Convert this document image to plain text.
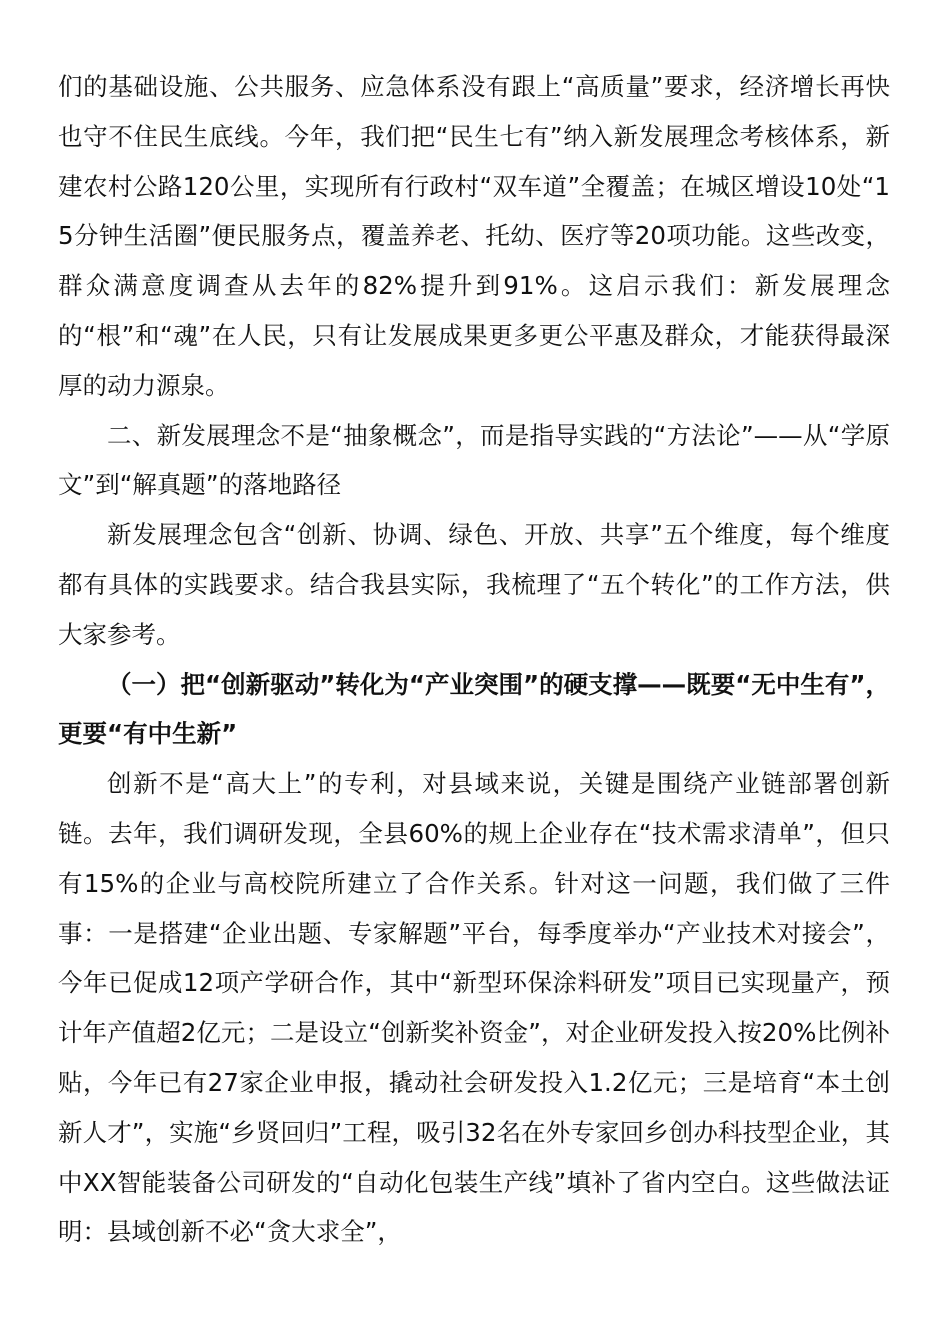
们的基础设施、公共服务、应急体系没有跟上“高质量”要求，经济增长再快也守不住民生底线。今年，我们把“民生七有”纳入新发展理念考核体系，新建农村公路120公里，实现所有行政村“双车道”全覆盖；在城区增设10处“15分钟生活圈”便民服务点，覆盖养老、托幼、医疗等20项功能。这些改变，群众满意度调查从去年的82%提升到91%。这启示我们：新发展理念的“根”和“魂”在人民，只有让发展成果更多更公平惠及群众，才能获得最深厚的动力源泉。

二、新发展理念不是“抽象概念”，而是指导实践的“方法论”——从“学原文”到“解真题”的落地路径

新发展理念包含“创新、协调、绿色、开放、共享”五个维度，每个维度都有具体的实践要求。结合我县实际，我梳理了“五个转化”的工作方法，供大家参考。

（一）把“创新驱动”转化为“产业突围”的硬支撑——既要“无中生有”，更要“有中生新”

创新不是“高大上”的专利，对县域来说，关键是围绕产业链部署创新链。去年，我们调研发现，全县60%的规上企业存在“技术需求清单”，但只有15%的企业与高校院所建立了合作关系。针对这一问题，我们做了三件事：一是搭建“企业出题、专家解题”平台，每季度举办“产业技术对接会”，今年已促成12项产学研合作，其中“新型环保涂料研发”项目已实现量产，预计年产值超2亿元；二是设立“创新奖补资金”，对企业研发投入按20%比例补贴，今年已有27家企业申报，撬动社会研发投入1.2亿元；三是培育“本土创新人才”，实施“乡贤回归”工程，吸引32名在外专家回乡创办科技型企业，其中XX智能装备公司研发的“自动化包装生产线”填补了省内空白。这些做法证明：县域创新不必“贪大求全”，
